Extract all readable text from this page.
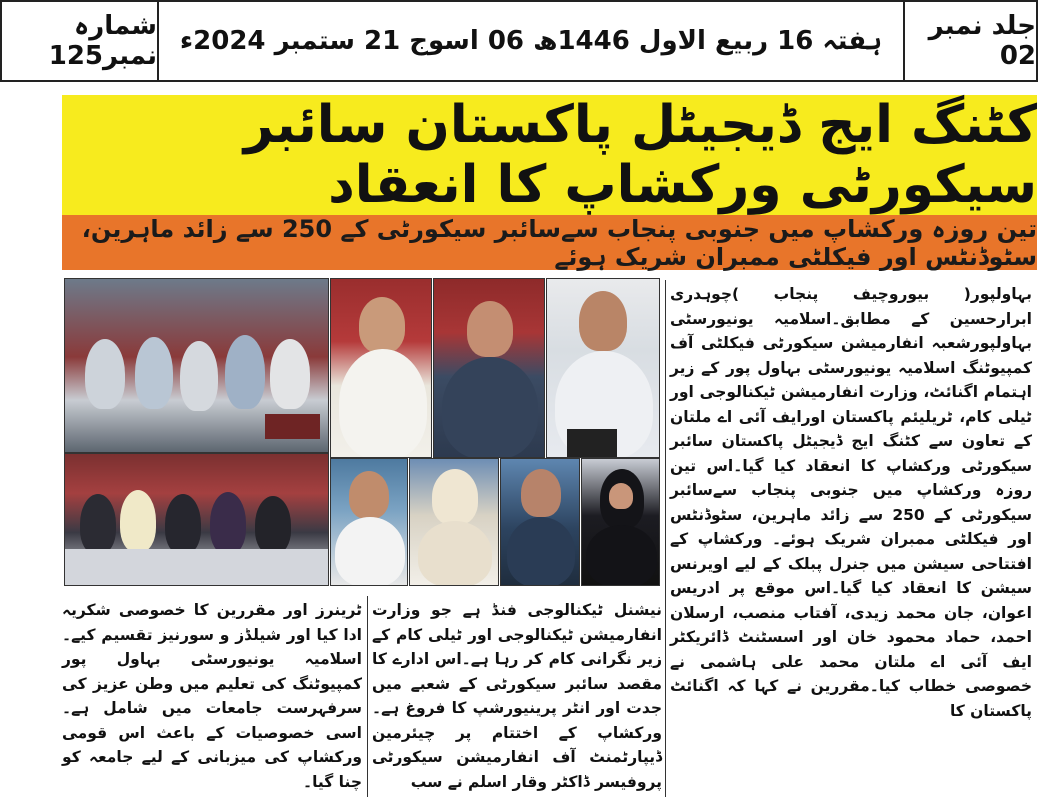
شمارہ نمبر125 ہفتہ 16 ربیع الاول 1446ھ 06 اسوج 21 ستمبر 2024ء	جلد نمبر 02
کٹنگ ایج ڈیجیٹل پاکستان سائبر سیکورٹی ورکشاپ کا انعقاد
تین روزہ ورکشاپ میں جنوبی پنجاب سےسائبر سیکورٹی کے 250 سے زائد ماہرین، سٹوڈنٹس اور فیکلٹی ممبران شریک ہوئے

بہاولپور( بیوروچیف پنجاب )چوہدری ابرارحسین کے مطابق۔اسلامیہ یونیورسٹی بہاولپورشعبہ انفارمیشن سیکورٹی فیکلٹی آف کمپیوٹنگ اسلامیہ یونیورسٹی بہاول پور کے زیر اہتمام اگنائٹ، وزارت انفارمیشن ٹیکنالوجی اور ٹیلی کام، ٹریلیئم پاکستان اورایف آئی اے ملتان کے تعاون سے کٹنگ ایج ڈیجیٹل پاکستان سائبر سیکورٹی ورکشاپ کا انعقاد کیا گیا۔اس تین روزہ ورکشاپ میں جنوبی پنجاب سےسائبر سیکورٹی کے 250 سے زائد ماہرین، سٹوڈنٹس اور فیکلٹی ممبران شریک ہوئے۔ ورکشاپ کے افتتاحی سیشن میں جنرل پبلک کے لیے اویرنس سیشن کا انعقاد کیا گیا۔اس موقع پر ادریس اعوان، جان محمد زیدی، آفتاب منصب، ارسلان احمد، حماد محمود خان اور اسسٹنٹ ڈائریکٹر ایف آئی اے ملتان محمد علی ہاشمی نے خصوصی خطاب کیا۔مقررین نے کہا کہ اگنائٹ پاکستان کا

نیشنل ٹیکنالوجی فنڈ ہے جو وزارت انفارمیشن ٹیکنالوجی اور ٹیلی کام کے زیر نگرانی کام کر رہا ہے۔اس ادارے کا مقصد سائبر سیکورٹی کے شعبے میں جدت اور انٹر پرینیورشپ کا فروغ ہے۔ ورکشاپ کے اختتام پر چیئرمین ڈیپارٹمنٹ آف انفارمیشن سیکورٹی پروفیسر ڈاکٹر وقار اسلم نے سب

ٹرینرز اور مقررین کا خصوصی شکریہ ادا کیا اور شیلڈز و سورنیز تقسیم کیے۔ اسلامیہ یونیورسٹی بہاول پور کمپیوٹنگ کی تعلیم میں وطن عزیز کی سرفہرست جامعات میں شامل ہے۔ اسی خصوصیات کے باعث اس قومی ورکشاپ کی میزبانی کے لیے جامعہ کو چنا گیا۔
